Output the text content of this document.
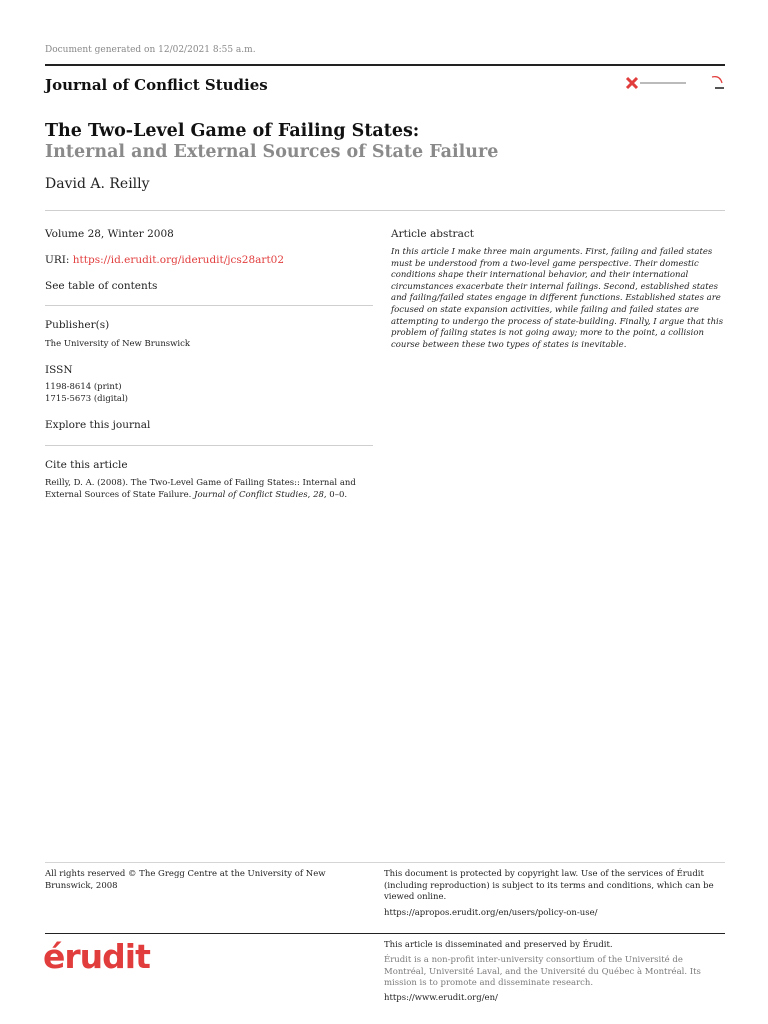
Document generated on 12/02/2021 8:55 a.m.
Journal of Conflict Studies
The Two-Level Game of Failing States:
Internal and External Sources of State Failure
David A. Reilly
Volume 28, Winter 2008
URI: https://id.erudit.org/iderudit/jcs28art02
See table of contents
Publisher(s)
The University of New Brunswick
ISSN
1198-8614 (print)
1715-5673 (digital)
Explore this journal
Cite this article
Reilly, D. A. (2008). The Two-Level Game of Failing States:: Internal and External Sources of State Failure. Journal of Conflict Studies, 28, 0–0.
Article abstract
In this article I make three main arguments. First, failing and failed states must be understood from a two-level game perspective. Their domestic conditions shape their international behavior, and their international circumstances exacerbate their internal failings. Second, established states and failing/failed states engage in different functions. Established states are focused on state expansion activities, while failing and failed states are attempting to undergo the process of state-building. Finally, I argue that this problem of failing states is not going away; more to the point, a collision course between these two types of states is inevitable.
All rights reserved © The Gregg Centre at the University of New Brunswick, 2008
This document is protected by copyright law. Use of the services of Érudit (including reproduction) is subject to its terms and conditions, which can be viewed online.
https://apropos.erudit.org/en/users/policy-on-use/
érudit	This article is disseminated and preserved by Érudit.
Érudit is a non-profit inter-university consortium of the Université de Montréal, Université Laval, and the Université du Québec à Montréal. Its mission is to promote and disseminate research.
https://www.erudit.org/en/
